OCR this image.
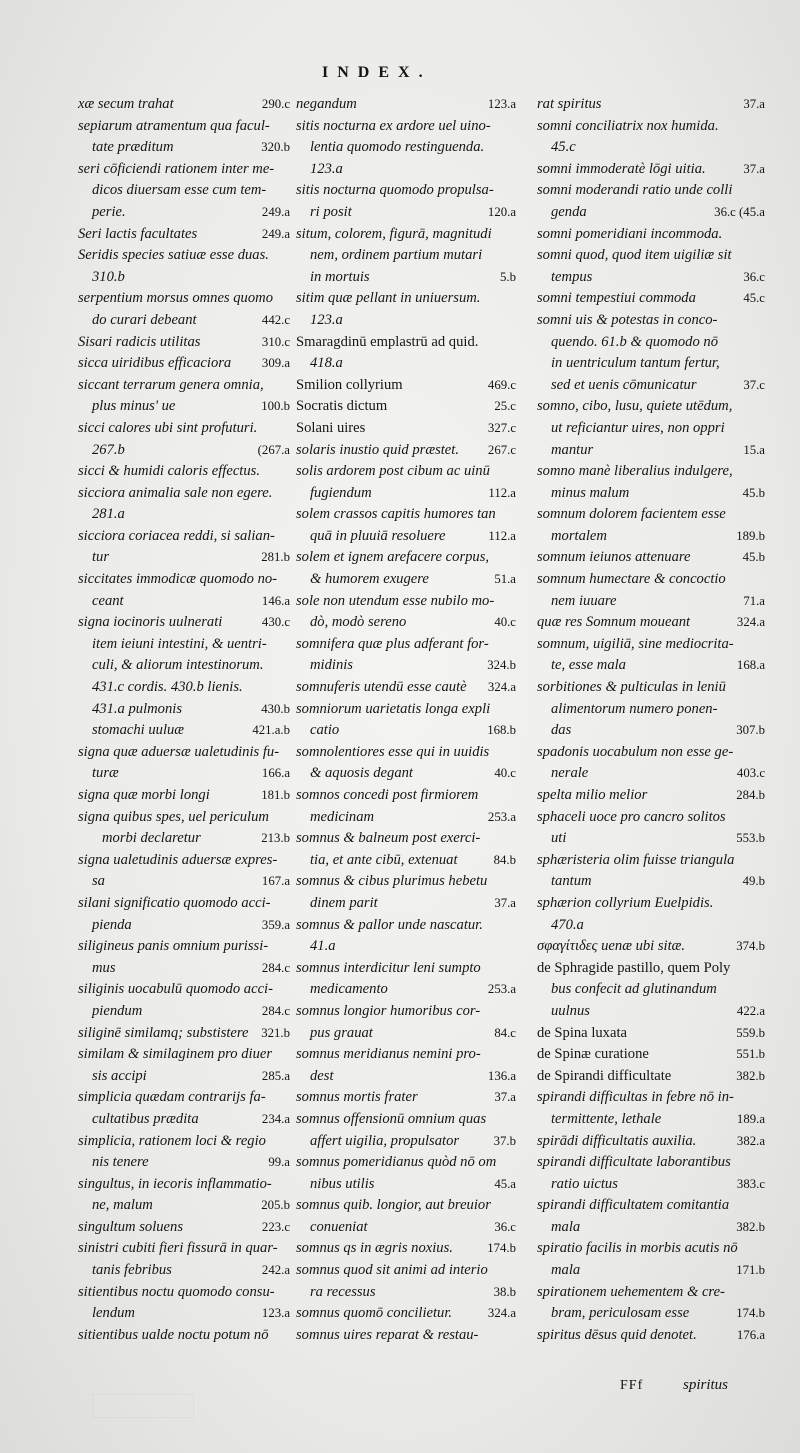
INDEX.
xæ secum trahat	290.c
sepiarum atramentum qua facul-
tate præditum	320.b
seri cōficiendi rationem inter me-
dicos diuersam esse cum tem-
perie.	249.a
Seri lactis facultates	249.a
Seridis species satiuæ esse duas.
310.b
serpentium morsus omnes quomo
do curari debeant	442.c
Sisari radicis utilitas	310.c
sicca uiridibus efficaciora	309.a
siccant terrarum genera omnia,
plus minus' ue	100.b
sicci calores ubi sint profuturi.
267.b	(267.a
sicci & humidi caloris effectus.
sicciora animalia sale non egere.
281.a
sicciora coriacea reddi, si salian-
tur	281.b
siccitates immodicæ quomodo no-
ceant	146.a
signa iocinoris uulnerati	430.c
item ieiuni intestini, & uentri-
culi, & aliorum intestinorum.
431.c cordis. 430.b lienis.
431.a pulmonis	430.b
stomachi uuluæ	421.a.b
signa quæ aduersæ ualetudinis fu-
turæ	166.a
signa quæ morbi longi	181.b
signa quibus spes, uel periculum
morbi declaretur	213.b
signa ualetudinis aduersæ expres-
sa	167.a
silani significatio quomodo acci-
pienda	359.a
siligineus panis omnium purissi-
mus	284.c
siliginis uocabulū quomodo acci-
piendum	284.c
siliginē similamq; substistere 321.b
similam & similaginem pro diuer
sis accipi	285.a
simplicia quædam contrarijs fa-
cultatibus prædita	234.a
simplicia, rationem loci & regio
nis tenere	99.a
singultus, in iecoris inflammatio-
ne, malum	205.b
singultum soluens	223.c
sinistri cubiti fieri fissurā in quar-
tanis febribus	242.a
sitientibus noctu quomodo consu-
lendum	123.a
sitientibus ualde noctu potum nō
negandum	123.a
sitis nocturna ex ardore uel uino-
lentia quomodo restinguenda.
123.a
sitis nocturna quomodo propulsa-
ri posit	120.a
situm, colorem, figurā, magnitudi
nem, ordinem partium mutari
in mortuis	5.b
sitim quæ pellant in uniuersum.
123.a
Smaragdinū emplastrū ad quid.
418.a
Smilion collyrium	469.c
Socratis dictum	25.c
Solani uires	327.c
solaris inustio quid præstet.	267.c
solis ardorem post cibum ac uinū
fugiendum	112.a
solem crassos capitis humores tan
quā in pluuiā resoluere	112.a
solem et ignem arefacere corpus,
& humorem exugere	51.a
sole non utendum esse nubilo mo-
dò, modò sereno	40.c
somnifera quæ plus adferant for-
midinis	324.b
somnuferis utendū esse cautè	324.a
somniorum uarietatis longa expli
catio	168.b
somnolentiores esse qui in uuidis
& aquosis degant	40.c
somnos concedi post firmiorem
medicinam	253.a
somnus & balneum post exerci-
tia, et ante cibū, extenuat	84.b
somnus & cibus plurimus hebetu
dinem parit	37.a
somnus & pallor unde nascatur.
41.a
somnus interdicitur leni sumpto
medicamento	253.a
somnus longior humoribus cor-
pus grauat	84.c
somnus meridianus nemini pro-
dest	136.a
somnus mortis frater	37.a
somnus offensionū omnium quas
affert uigilia, propulsator	37.b
somnus pomeridianus quòd nō om
nibus utilis	45.a
somnus quib. longior, aut breuior
conueniat	36.c
somnus qs in ægris noxius.	174.b
somnus quod sit animi ad interio
ra recessus	38.b
somnus quomō concilietur.	324.a
somnus uires reparat & restau-
rat spiritus	37.a
somni conciliatrix nox humida.
45.c
somni immoderatè lōgi uitia.	37.a
somni moderandi ratio unde colli
genda	36.c (45.a
somni pomeridiani incommoda.
somni quod, quod item uigiliæ sit
tempus	36.c
somni tempestiui commoda	45.c
somni uis & potestas in conco-
quendo. 61.b & quomodo nō
in uentriculum tantum fertur,
sed et uenis cōmunicatur	37.c
somno, cibo, lusu, quiete utēdum,
ut reficiantur uires, non oppri
mantur	15.a
somno manè liberalius indulgere,
minus malum	45.b
somnum dolorem facientem esse
mortalem	189.b
somnum ieiunos attenuare	45.b
somnum humectare & concoctio
nem iuuare	71.a
quæ res Somnum moueant	324.a
somnum, uigiliā, sine mediocrita-
te, esse mala	168.a
sorbitiones & pulticulas in leniū
alimentorum numero ponen-
das	307.b
spadonis uocabulum non esse ge-
nerale	403.c
spelta milio melior	284.b
sphaceli uoce pro cancro solitos
uti	553.b
sphæristeria olim fuisse triangula
tantum	49.b
sphærion collyrium Euelpidis.
470.a
σφαγίτιδες uenæ ubi sitæ.	374.b
de Sphragide pastillo, quem Poly
bus confecit ad glutinandum
uulnus	422.a
de Spina luxata	559.b
de Spinæ curatione	551.b
de Spirandi difficultate	382.b
spirandi difficultas in febre nō in-
termittente, lethale	189.a
spirādi difficultatis auxilia.	382.a
spirandi difficultate laborantibus
ratio uictus	383.c
spirandi difficultatem comitantia
mala	382.b
spiratio facilis in morbis acutis nō
mala	171.b
spirationem uehementem & cre-
bram, periculosam esse	174.b
spiritus dēsus quid denotet.	176.a
FFf	spiritus
